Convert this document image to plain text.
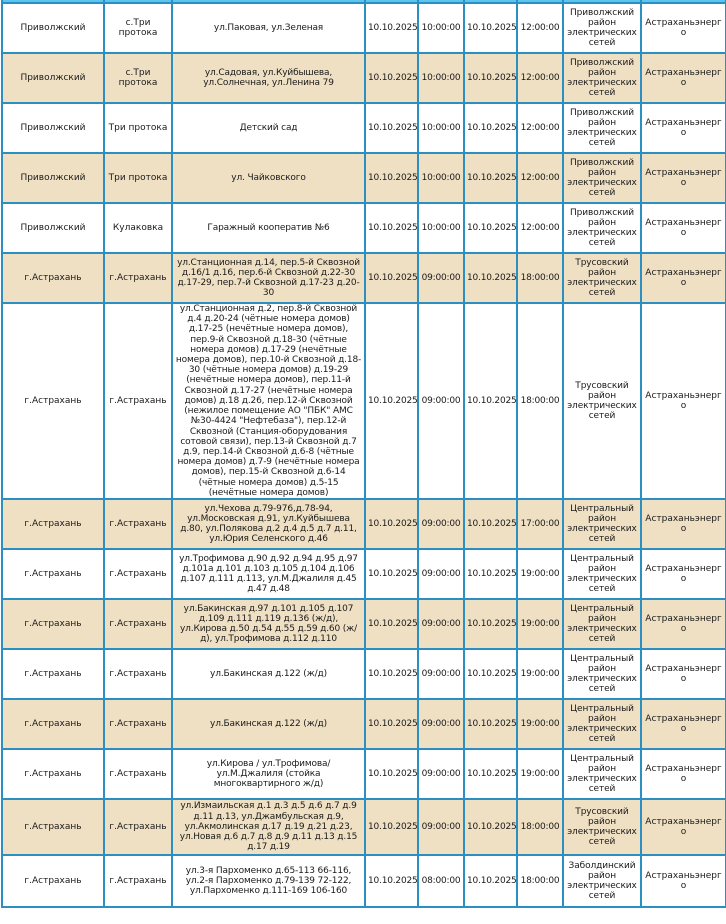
Приволжский	с.Три протока	ул.Паковая, ул.Зеленая	10.10.2025	10:00:00	10.10.2025	12:00:00	Приволжский район электрических сетей	Астраханьэнерго
Приволжский	с.Три протока	ул.Садовая, ул.Куйбышева, ул.Солнечная, ул.Ленина 79	10.10.2025	10:00:00	10.10.2025	12:00:00	Приволжский район электрических сетей	Астраханьэнерго
Приволжский	Три протока	Детский сад	10.10.2025	10:00:00	10.10.2025	12:00:00	Приволжский район электрических сетей	Астраханьэнерго
Приволжский	Три протока	ул. Чайковского	10.10.2025	10:00:00	10.10.2025	12:00:00	Приволжский район электрических сетей	Астраханьэнерго
Приволжский	Кулаковка	Гаражный кооператив №6	10.10.2025	10:00:00	10.10.2025	12:00:00	Приволжский район электрических сетей	Астраханьэнерго
г.Астрахань	г.Астрахань	ул.Станционная д.14, пер.5-й Сквозной д.16/1 д.16, пер.6-й Сквозной д.22-30 д.17-29, пер.7-й Сквозной д.17-23 д.20-30	10.10.2025	09:00:00	10.10.2025	18:00:00	Трусовский район электрических сетей	Астраханьэнерго
г.Астрахань	г.Астрахань	ул.Станционная д.2, пер.8-й Сквозной д.4 д.20-24 (чётные номера домов) д.17-25 (нечётные номера домов), пер.9-й Сквозной д.18-30 (чётные номера домов) д.17-29 (нечётные номера домов), пер.10-й Сквозной д.18-30 (чётные номера домов) д.19-29 (нечётные номера домов), пер.11-й Сквозной д.17-27 (нечётные номера домов) д.18 д.26, пер.12-й Сквозной (нежилое помещение АО "ПБК" АМС №30-4424 "Нефтебаза"), пер.12-й Сквозной (Станция-оборудования сотовой связи), пер.13-й Сквозной д.7 д.9, пер.14-й Сквозной д.6-8 (чётные номера домов) д.7-9 (нечётные номера домов), пер.15-й Сквозной д.6-14 (чётные номера домов) д.5-15 (нечётные номера домов)	10.10.2025	09:00:00	10.10.2025	18:00:00	Трусовский район электрических сетей	Астраханьэнерго
г.Астрахань	г.Астрахань	ул.Чехова д.79-976,д.78-94, ул.Московская д.91, ул.Куйбышева д.80, ул.Полякова д.2 д.4 д.5 д.7 д.11, ул.Юрия Селенского д.46	10.10.2025	09:00:00	10.10.2025	17:00:00	Центральный район электрических сетей	Астраханьэнерго
г.Астрахань	г.Астрахань	ул.Трофимова д.90 д.92 д.94 д.95 д.97 д.101а д.101 д.103 д.105 д.104 д.106 д.107 д.111 д.113, ул.М.Джалиля д.45 д.47 д.48	10.10.2025	09:00:00	10.10.2025	19:00:00	Центральный район электрических сетей	Астраханьэнерго
г.Астрахань	г.Астрахань	ул.Бакинская д.97 д.101 д.105 д.107 д.109 д.111 д.119 д.136 (ж/д), ул.Кирова д.50 д.54 д.55 д.59 д.60 (ж/д), ул.Трофимова д.112 д.110	10.10.2025	09:00:00	10.10.2025	19:00:00	Центральный район электрических сетей	Астраханьэнерго
г.Астрахань	г.Астрахань	ул.Бакинская д.122 (ж/д)	10.10.2025	09:00:00	10.10.2025	19:00:00	Центральный район электрических сетей	Астраханьэнерго
г.Астрахань	г.Астрахань	ул.Бакинская д.122 (ж/д)	10.10.2025	09:00:00	10.10.2025	19:00:00	Центральный район электрических сетей	Астраханьэнерго
г.Астрахань	г.Астрахань	ул.Кирова / ул.Трофимова/ ул.М.Джалиля (стойка многоквартирного ж/д)	10.10.2025	09:00:00	10.10.2025	19:00:00	Центральный район электрических сетей	Астраханьэнерго
г.Астрахань	г.Астрахань	ул.Измаильская д.1 д.3 д.5 д.6 д.7 д.9 д.11 д.13, ул.Джамбульская д.9, ул.Акмолинская д.17 д.19 д.21 д.23, ул.Новая д.6 д.7 д.8 д.9 д.11 д.13 д.15 д.17 д.19	10.10.2025	09:00:00	10.10.2025	18:00:00	Трусовский район электрических сетей	Астраханьэнерго
г.Астрахань	г.Астрахань	ул.3-я Пархоменко д.65-113 66-116, ул.2-я Пархоменко д.79-139 72-122, ул.Пархоменко д.111-169 106-160	10.10.2025	08:00:00	10.10.2025	18:00:00	Заболдинский район электрических сетей	Астраханьэнерго
